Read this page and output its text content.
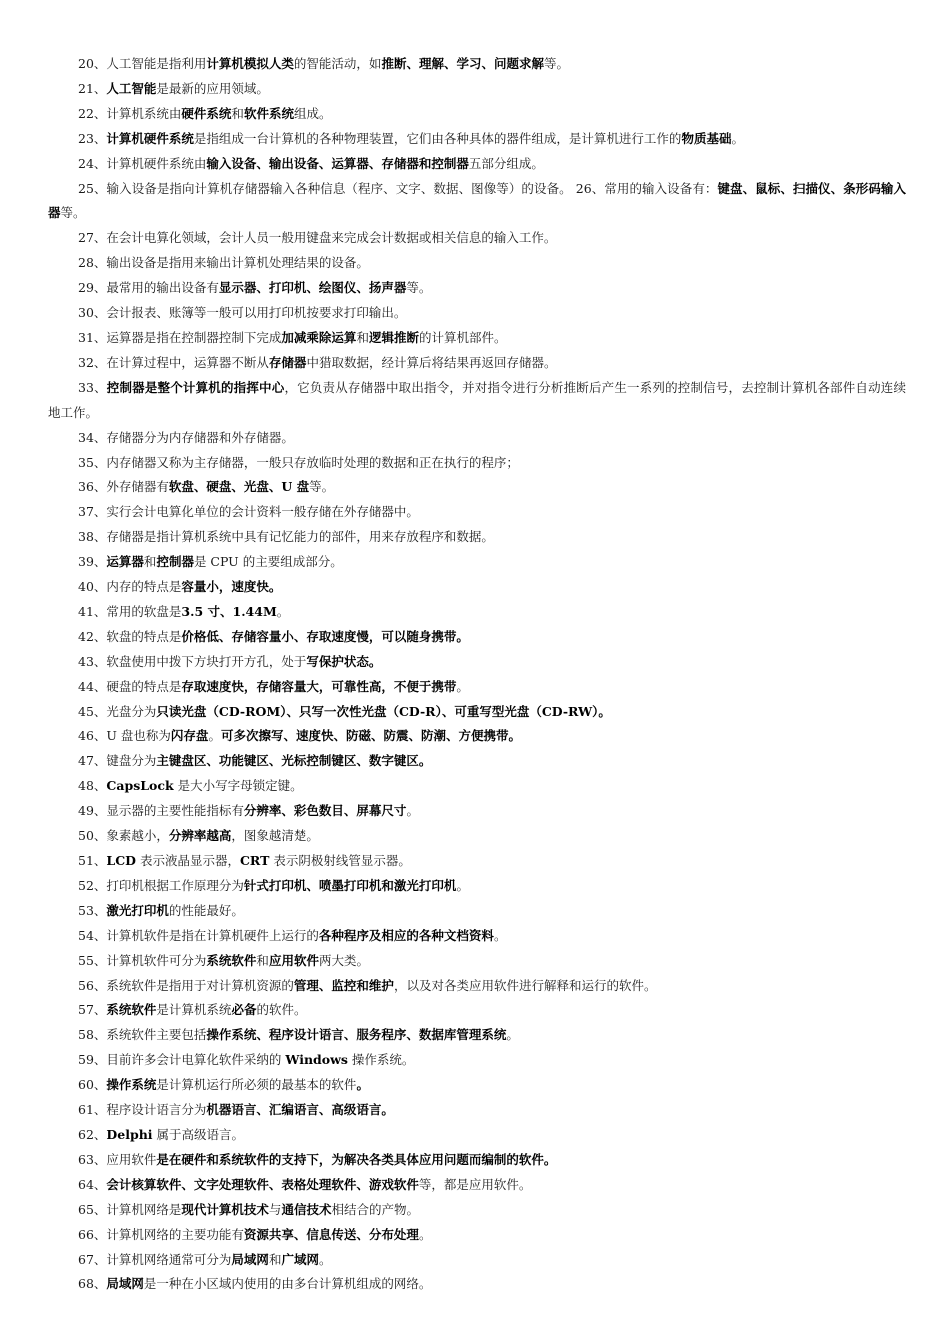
20、人工智能是指利用计算机模拟人类的智能活动，如推断、理解、学习、问题求解等。
21、人工智能是最新的应用领域。
22、计算机系统由硬件系统和软件系统组成。
23、计算机硬件系统是指组成一台计算机的各种物理装置，它们由各种具体的器件组成，是计算机进行工作的物质基础。
24、计算机硬件系统由输入设备、输出设备、运算器、存储器和控制器五部分组成。
25、输入设备是指向计算机存储器输入各种信息（程序、文字、数据、图像等）的设备。 26、常用的输入设备有：键盘、鼠标、扫描仪、条形码输入器等。
27、在会计电算化领域，会计人员一般用键盘来完成会计数据或相关信息的输入工作。
28、输出设备是指用来输出计算机处理结果的设备。
29、最常用的输出设备有显示器、打印机、绘图仪、扬声器等。
30、会计报表、账簿等一般可以用打印机按要求打印输出。
31、运算器是指在控制器控制下完成加减乘除运算和逻辑推断的计算机部件。
32、在计算过程中，运算器不断从存储器中猎取数据，经计算后将结果再返回存储器。
33、控制器是整个计算机的指挥中心，它负责从存储器中取出指令，并对指令进行分析推断后产生一系列的控制信号，去控制计算机各部件自动连续地工作。
34、存储器分为内存储器和外存储器。
35、内存储器又称为主存储器，一般只存放临时处理的数据和正在执行的程序；
36、外存储器有软盘、硬盘、光盘、U 盘等。
37、实行会计电算化单位的会计资料一般存储在外存储器中。
38、存储器是指计算机系统中具有记忆能力的部件，用来存放程序和数据。
39、运算器和控制器是 CPU 的主要组成部分。
40、内存的特点是容量小，速度快。
41、常用的软盘是3.5 寸、1.44M。
42、软盘的特点是价格低、存储容量小、存取速度慢，可以随身携带。
43、软盘使用中拨下方块打开方孔，处于写保护状态。
44、硬盘的特点是存取速度快，存储容量大，可靠性高，不便于携带。
45、光盘分为只读光盘（CD-ROM）、只写一次性光盘（CD-R）、可重写型光盘（CD-RW）。
46、U 盘也称为闪存盘。可多次擦写、速度快、防磁、防震、防潮、方便携带。
47、键盘分为主键盘区、功能键区、光标控制键区、数字键区。
48、CapsLock 是大小写字母锁定键。
49、显示器的主要性能指标有分辨率、彩色数目、屏幕尺寸。
50、象素越小，分辨率越高，图象越清楚。
51、LCD 表示液晶显示器，CRT 表示阴极射线管显示器。
52、打印机根据工作原理分为针式打印机、喷墨打印机和激光打印机。
53、激光打印机的性能最好。
54、计算机软件是指在计算机硬件上运行的各种程序及相应的各种文档资料。
55、计算机软件可分为系统软件和应用软件两大类。
56、系统软件是指用于对计算机资源的管理、监控和维护，以及对各类应用软件进行解释和运行的软件。
57、系统软件是计算机系统必备的软件。
58、系统软件主要包括操作系统、程序设计语言、服务程序、数据库管理系统。
59、目前许多会计电算化软件采纳的 Windows 操作系统。
60、操作系统是计算机运行所必须的最基本的软件。
61、程序设计语言分为机器语言、汇编语言、高级语言。
62、Delphi 属于高级语言。
63、应用软件是在硬件和系统软件的支持下，为解决各类具体应用问题而编制的软件。
64、会计核算软件、文字处理软件、表格处理软件、游戏软件等，都是应用软件。
65、计算机网络是现代计算机技术与通信技术相结合的产物。
66、计算机网络的主要功能有资源共享、信息传送、分布处理。
67、计算机网络通常可分为局域网和广域网。
68、局域网是一种在小区域内使用的由多台计算机组成的网络。
